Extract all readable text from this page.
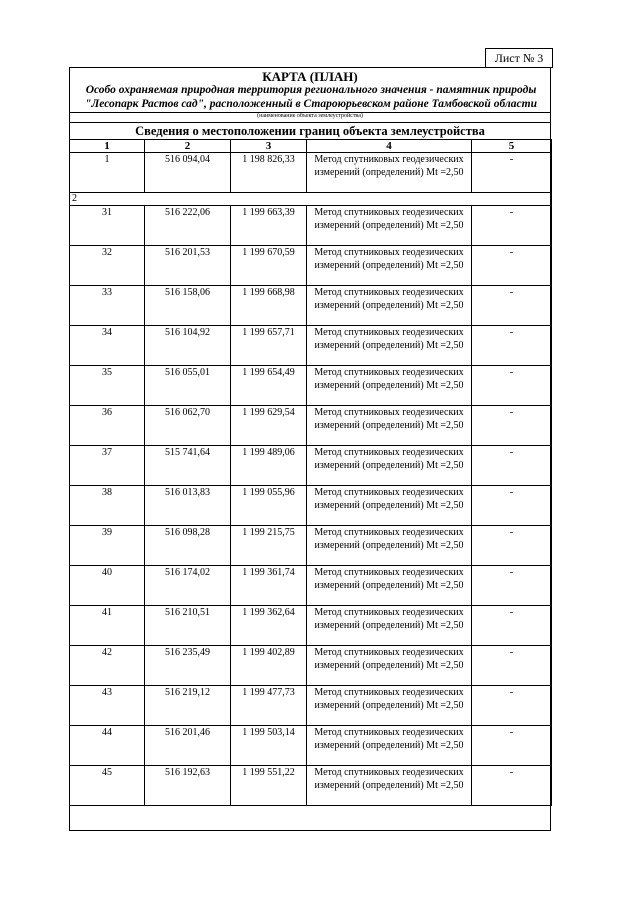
Лист № 3
КАРТА (ПЛАН)
Особо охраняемая природная территория регионального значения - памятник природы "Лесопарк Растов сад", расположенный в Староюрьевском районе Тамбовской области
(наименование объекта землеустройства)
Сведения о местоположении границ объекта землеустройства
1	2	3	4	5
1	516 094,04	1 198 826,33	Метод спутниковых геодезических измерений (определений) Mt =2,50	-
2				
31	516 222,06	1 199 663,39	Метод спутниковых геодезических измерений (определений) Mt =2,50	-
32	516 201,53	1 199 670,59	Метод спутниковых геодезических измерений (определений) Mt =2,50	-
33	516 158,06	1 199 668,98	Метод спутниковых геодезических измерений (определений) Mt =2,50	-
34	516 104,92	1 199 657,71	Метод спутниковых геодезических измерений (определений) Mt =2,50	-
35	516 055,01	1 199 654,49	Метод спутниковых геодезических измерений (определений) Mt =2,50	-
36	516 062,70	1 199 629,54	Метод спутниковых геодезических измерений (определений) Mt =2,50	-
37	515 741,64	1 199 489,06	Метод спутниковых геодезических измерений (определений) Mt =2,50	-
38	516 013,83	1 199 055,96	Метод спутниковых геодезических измерений (определений) Mt =2,50	-
39	516 098,28	1 199 215,75	Метод спутниковых геодезических измерений (определений) Mt =2,50	-
40	516 174,02	1 199 361,74	Метод спутниковых геодезических измерений (определений) Mt =2,50	-
41	516 210,51	1 199 362,64	Метод спутниковых геодезических измерений (определений) Mt =2,50	-
42	516 235,49	1 199 402,89	Метод спутниковых геодезических измерений (определений) Mt =2,50	-
43	516 219,12	1 199 477,73	Метод спутниковых геодезических измерений (определений) Mt =2,50	-
44	516 201,46	1 199 503,14	Метод спутниковых геодезических измерений (определений) Mt =2,50	-
45	516 192,63	1 199 551,22	Метод спутниковых геодезических измерений (определений) Mt =2,50	-
